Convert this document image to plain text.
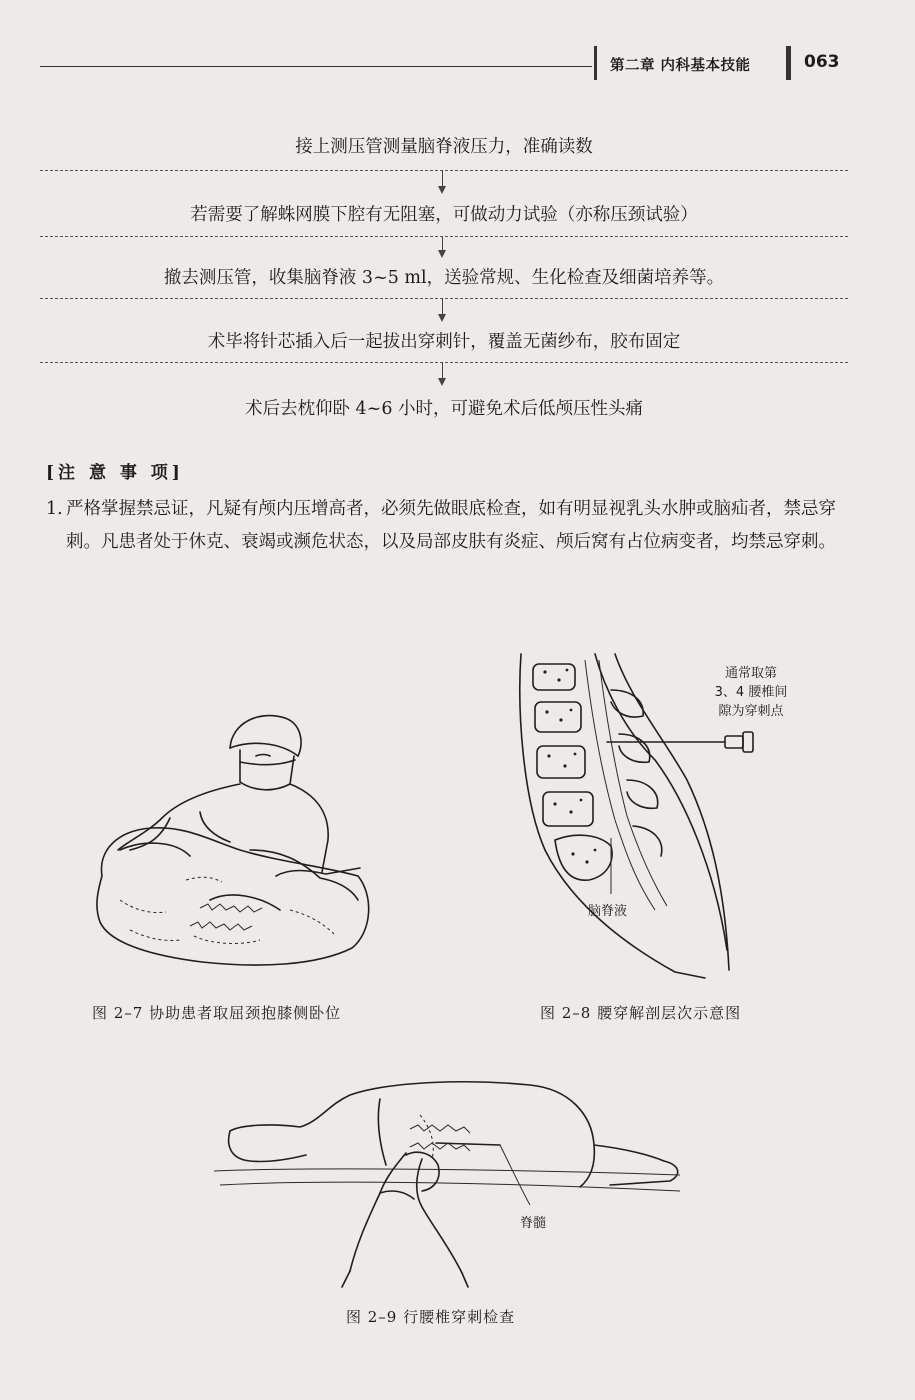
第二章 内科基本技能	063
接上测压管测量脑脊液压力，准确读数
若需要了解蛛网膜下腔有无阻塞，可做动力试验（亦称压颈试验）
撤去测压管，收集脑脊液 3~5 ml，送验常规、生化检查及细菌培养等。
术毕将针芯插入后一起拔出穿刺针，覆盖无菌纱布，胶布固定
术后去枕仰卧 4~6 小时，可避免术后低颅压性头痛
[注 意 事 项]
1. 严格掌握禁忌证，凡疑有颅内压增高者，必须先做眼底检查，如有明显视乳头水肿或脑疝者，禁忌穿刺。凡患者处于休克、衰竭或濒危状态，以及局部皮肤有炎症、颅后窝有占位病变者，均禁忌穿刺。
图 2–7 协助患者取屈颈抱膝侧卧位
通常取第
3、4 腰椎间
隙为穿刺点
脑脊液
图 2–8 腰穿解剖层次示意图
脊髓
图 2–9 行腰椎穿刺检查
